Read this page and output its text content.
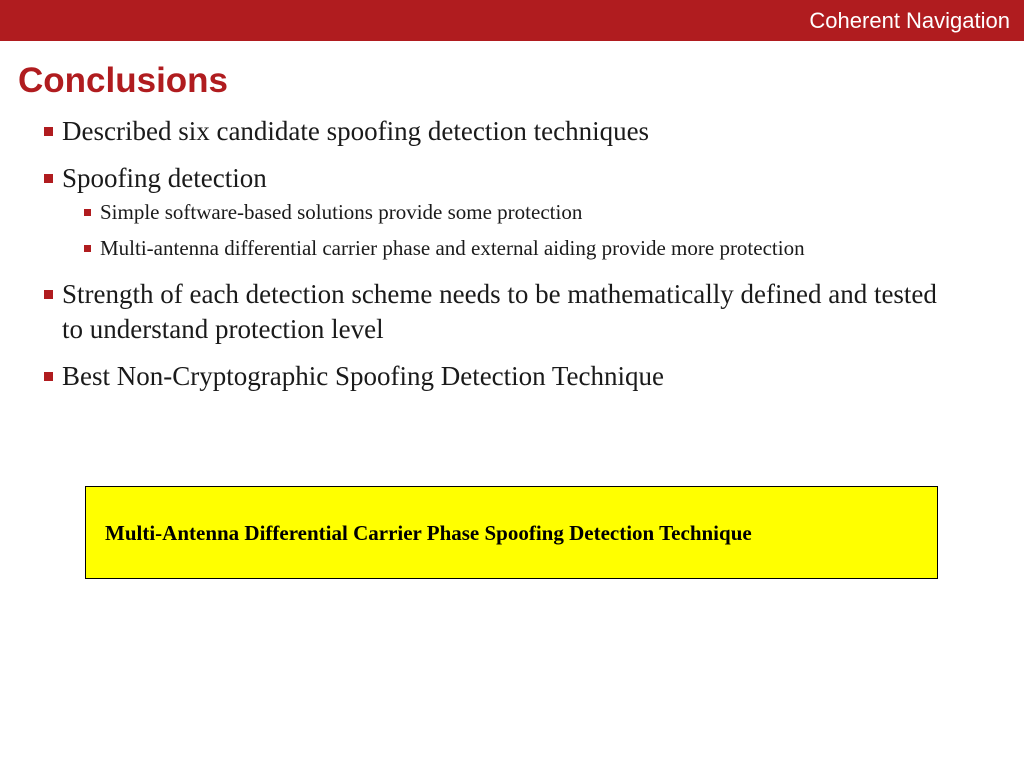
Coherent Navigation
Conclusions
Described six candidate spoofing detection techniques
Spoofing detection
Simple software-based solutions provide some protection
Multi-antenna differential carrier phase and external aiding provide more protection
Strength of each detection scheme needs to be mathematically defined and tested to understand protection level
Best Non-Cryptographic Spoofing Detection Technique
Multi-Antenna Differential Carrier Phase Spoofing Detection Technique
